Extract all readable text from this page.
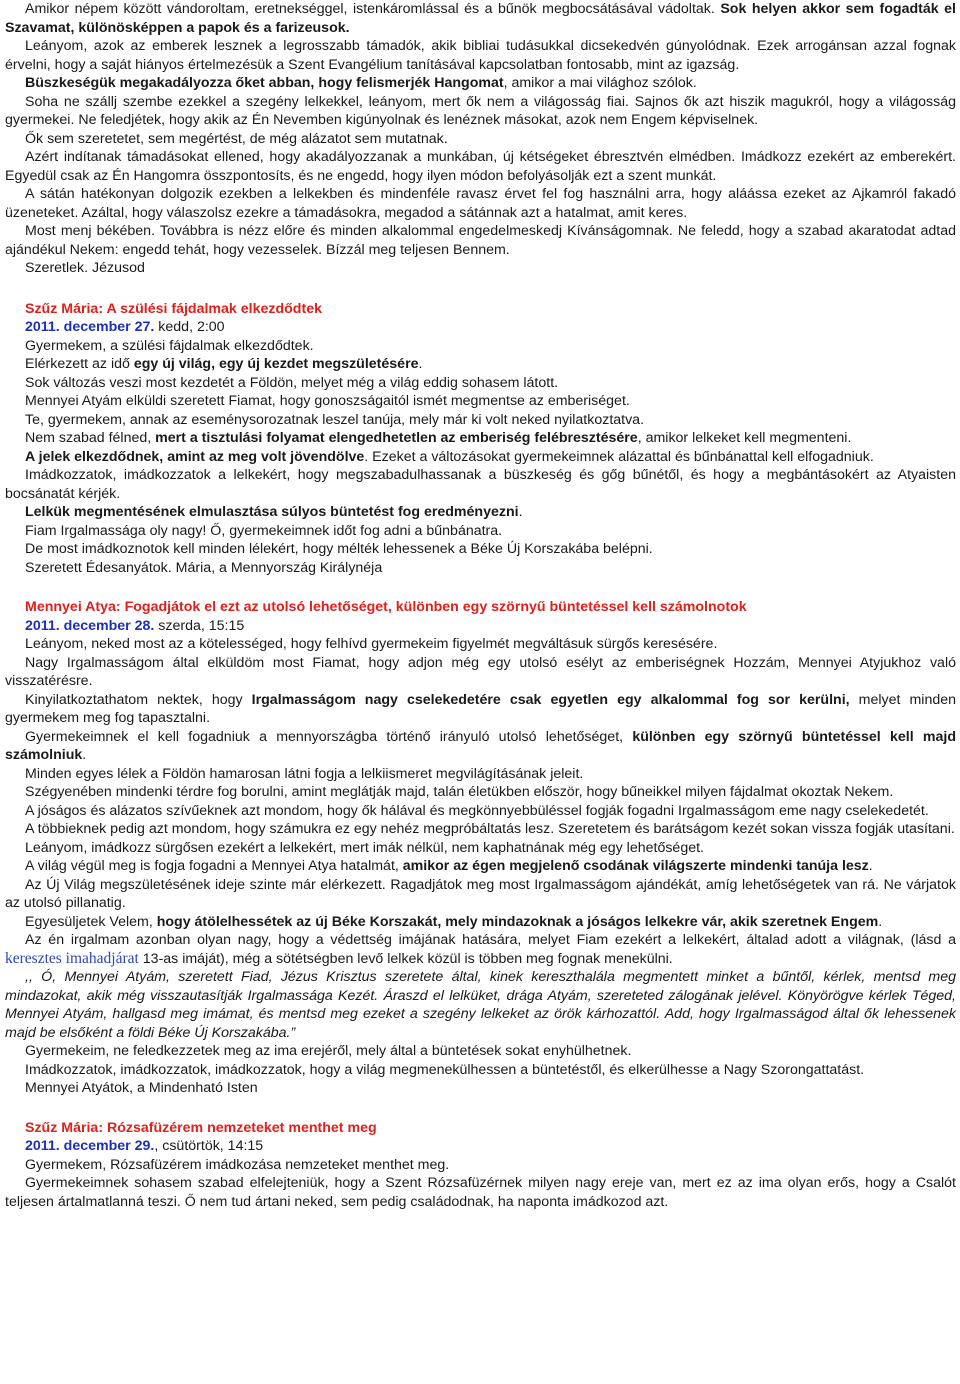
Amikor népem között vándoroltam, eretnekséggel, istenkáromlással és a bűnök megbocsátásával vádoltak. Sok helyen akkor sem fogadták el Szavamat, különösképpen a papok és a farizeusok.

Leányom, azok az emberek lesznek a legrosszabb támadók, akik bibliai tudásukkal dicsekedvén gúnyolódnak. Ezek arrogánsan azzal fognak érvelni, hogy a saját hiányos értelmezésük a Szent Evangélium tanításával kapcsolatban fontosabb, mint az igazság.

Büszkeségük megakadályozza őket abban, hogy felismerjék Hangomat, amikor a mai világhoz szólok.

Soha ne szállj szembe ezekkel a szegény lelkekkel, leányom, mert ők nem a világosság fiai. Sajnos ők azt hiszik magukról, hogy a világosság gyermekei. Ne feledjétek, hogy akik az Én Nevemben kigúnyolnak és lenéznek másokat, azok nem Engem képviselnek.

Ők sem szeretetet, sem megértést, de még alázatot sem mutatnak.

Azért indítanak támadásokat ellened, hogy akadályozzanak a munkában, új kétségeket ébresztvén elmédben. Imádkozz ezekért az emberekért. Egyedül csak az Én Hangomra összpontosíts, és ne engedd, hogy ilyen módon befolyásolják ezt a szent munkát.

A sátán hatékonyan dolgozik ezekben a lelkekben és mindenféle ravasz érvet fel fog használni arra, hogy aláássa ezeket az Ajkamról fakadó üzeneteket. Azáltal, hogy válaszolsz ezekre a támadásokra, megadod a sátánnak azt a hatalmat, amit keres.

Most menj békében. Továbbra is nézz előre és minden alkalommal engedelmeskedj Kívánságomnak. Ne feledd, hogy a szabad akaratodat adtad ajándékul Nekem: engedd tehát, hogy vezesselek. Bízzál meg teljesen Bennem.

Szeretlek. Jézusod

Szűz Mária: A szülési fájdalmak elkezdődtek

2011. december 27. kedd, 2:00

Gyermekem, a szülési fájdalmak elkezdődtek.

Elérkezett az idő egy új világ, egy új kezdet megszületésére.

Sok változás veszi most kezdetét a Földön, melyet még a világ eddig sohasem látott.

Mennyei Atyám elküldi szeretett Fiamat, hogy gonoszságaitól ismét megmentse az emberiséget.

Te, gyermekem, annak az eseménysorozatnak leszel tanúja, mely már ki volt neked nyilatkoztatva.

Nem szabad félned, mert a tisztulási folyamat elengedhetetlen az emberiség felébresztésére, amikor lelkeket kell megmenteni.

A jelek elkezdődnek, amint az meg volt jövendölve. Ezeket a változásokat gyermekeimnek alázattal és bűnbánattal kell elfogadniuk.

Imádkozzatok, imádkozzatok a lelkekért, hogy megszabadulhassanak a büszkeség és gőg bűnétől, és hogy a megbántásokért az Atyaisten bocsánatát kérjék.

Lelkük megmentésének elmulasztása súlyos büntetést fog eredményezni.

Fiam Irgalmassága oly nagy! Ő, gyermekeimnek időt fog adni a bűnbánatra.

De most imádkoznotok kell minden lélekért, hogy mélték lehessenek a Béke Új Korszakába belépni.

Szeretett Édesanyátok. Mária, a Mennyország Királynéja

Mennyei Atya: Fogadjátok el ezt az utolsó lehetőséget, különben egy szörnyű büntetéssel kell számolnotok

2011. december 28. szerda, 15:15

Leányom, neked most az a kötelességed, hogy felhívd gyermekeim figyelmét megváltásuk sürgős keresésére.

Nagy Irgalmasságom által elküldöm most Fiamat, hogy adjon még egy utolsó esélyt az emberiségnek Hozzám, Mennyei Atyjukhoz való visszatérésre.

Kinyilatkoztathatom nektek, hogy Irgalmasságom nagy cselekedetére csak egyetlen egy alkalommal fog sor kerülni, melyet minden gyermekem meg fog tapasztalni.

Gyermekeimnek el kell fogadniuk a mennyországba történő irányuló utolsó lehetőséget, különben egy szörnyű büntetéssel kell majd számolniuk.

Minden egyes lélek a Földön hamarosan látni fogja a lelkiismeret megvilágításának jeleit.

Szégyenében mindenki térdre fog borulni, amint meglátják majd, talán életükben először, hogy bűneikkel milyen fájdalmat okoztak Nekem.

A jóságos és alázatos szívűeknek azt mondom, hogy ők hálával és megkönnyebbüléssel fogják fogadni Irgalmasságom eme nagy cselekedetét.

A többieknek pedig azt mondom, hogy számukra ez egy nehéz megpróbáltatás lesz. Szeretetem és barátságom kezét sokan vissza fogják utasítani.

Leányom, imádkozz sürgősen ezekért a lelkekért, mert imák nélkül, nem kaphatnának még egy lehetőséget.

A világ végül meg is fogja fogadni a Mennyei Atya hatalmát, amikor az égen megjelenő csodának világszerte mindenki tanúja lesz.

Az Új Világ megszületésének ideje szinte már elérkezett. Ragadjátok meg most Irgalmasságom ajándékát, amíg lehetőségetek van rá. Ne várjatok az utolsó pillanatig.

Egyesüljetek Velem, hogy átölelhessétek az új Béke Korszakát, mely mindazoknak a jóságos lelkekre vár, akik szeretnek Engem.

Az én irgalmam azonban olyan nagy, hogy a védettség imájának hatására, melyet Fiam ezekért a lelkekért, általad adott a világnak, (lásd a keresztes imahadjárat 13-as imáját), még a sötétségben levő lelkek közül is többen meg fognak menekülni.

,, Ó, Mennyei Atyám, szeretett Fiad, Jézus Krisztus szeretete által, kinek kereszthalála megmentett minket a bűntől, kérlek, mentsd meg mindazokat, akik még visszautasítják Irgalmassága Kezét. Áraszd el lelküket, drága Atyám, szereteted zálogának jelével. Könyörögve kérlek Téged, Mennyei Atyám, hallgasd meg imámat, és mentsd meg ezeket a szegény lelkeket az örök kárhozattól. Add, hogy Irgalmasságod által ők lehessenek majd be elsőként a földi Béke Új Korszakába.”

Gyermekeim, ne feledkezzetek meg az ima erejéről, mely által a büntetések sokat enyhülhetnek.

Imádkozzatok, imádkozzatok, imádkozzatok, hogy a világ megmenekülhessen a büntetéstől, és elkerülhesse a Nagy Szorongattatást.

Mennyei Atyátok, a Mindenható Isten

Szűz Mária: Rózsafüzérem nemzeteket menthet meg

2011. december 29., csütörtök, 14:15

Gyermekem, Rózsafüzérem imádkozása nemzeteket menthet meg.

Gyermekeimnek sohasem szabad elfelejteniük, hogy a Szent Rózsafüzérnek milyen nagy ereje van, mert ez az ima olyan erős, hogy a Csalót teljesen ártalmatlanná teszi. Ő nem tud ártani neked, sem pedig családodnak, ha naponta imádkozod azt.
